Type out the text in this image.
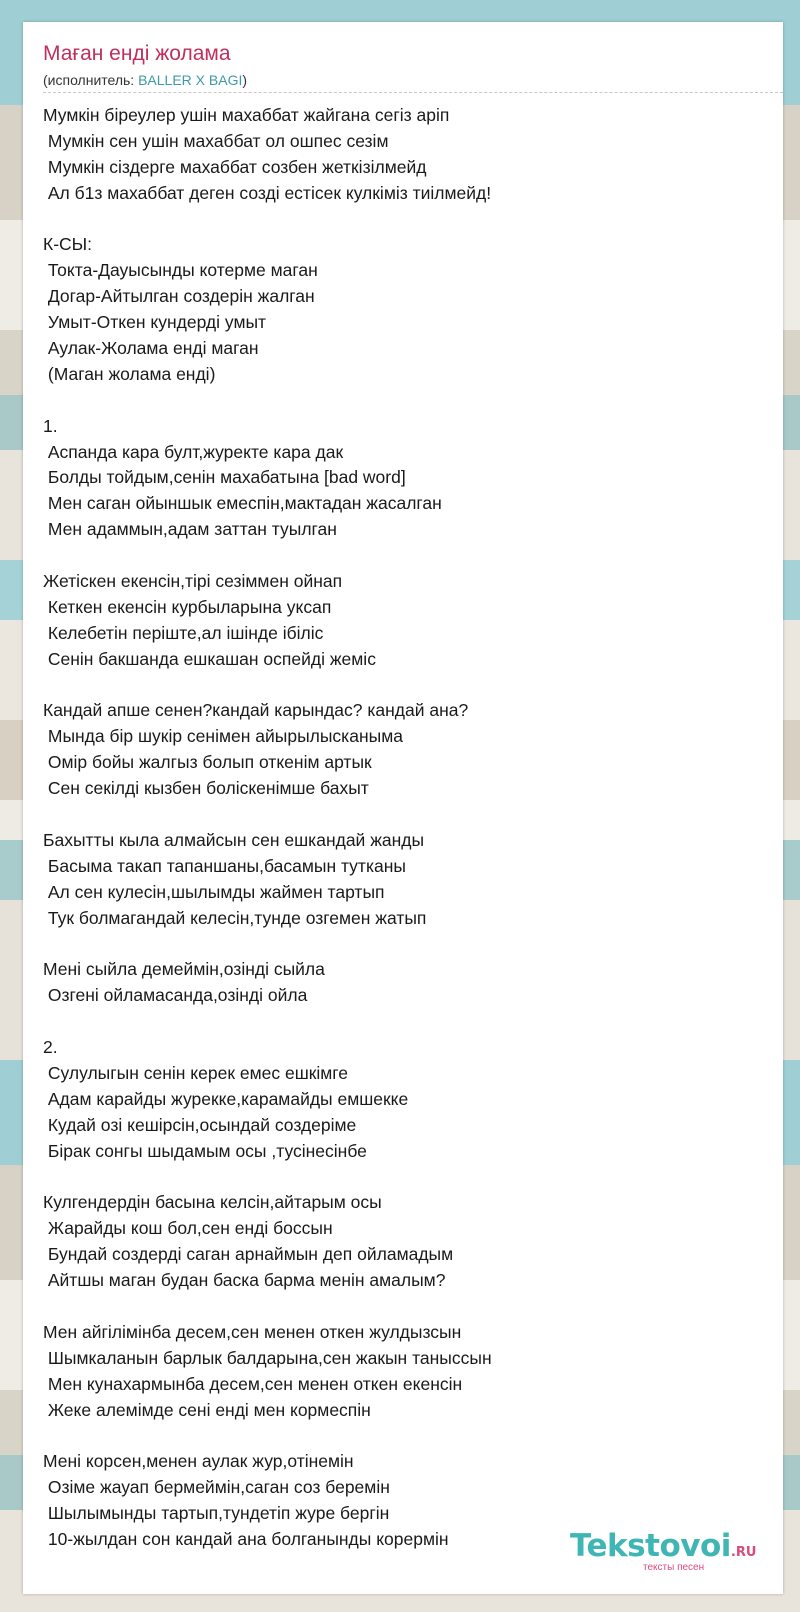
Маған енді жолама
(исполнитель: BALLER X BAGI)
Мумкін біреулер ушін махаббат жайгана сегіз аріп
Мумкін сен ушін махаббат ол ошпес сезім
Мумкін сіздерге махаббат созбен жеткізілмейд
Ал б1з махаббат деген созді естісек кулкіміз тиілмейд!
К-СЫ:
Токта-Дауысынды котерме маган
Догар-Айтылган создерін жалган
Умыт-Откен кундерді умыт
Аулак-Жолама енді маган
(Маган жолама енді)
1.
Аспанда кара булт,журекте кара дак
Болды тойдым,сенін махабатына [bad word]
Мен саган ойыншык емеспін,мактадан жасалган
Мен адаммын,адам заттан туылган
Жетіскен екенсін,тірі сезіммен ойнап
Кеткен екенсін курбыларына уксап
Келебетін періште,ал ішінде ібіліс
Сенін бакшанда ешкашан оспейді жеміс
Кандай апше сенен?кандай карындас? кандай ана?
Мында бір шукір сенімен айырылысканыма
Омір бойы жалгыз болып откенім артык
Сен секілді кызбен болiскенімше бахыт
Бахытты кыла алмайсын сен ешкандай жанды
Басыма такап тапаншаны,басамын тутканы
Ал сен кулесін,шылымды жаймен тартып
Тук болмагандай келесін,тунде озгемен жатып
Мені сыйла демеймін,озінді сыйла
Озгені ойламасанда,озінді ойла
2.
Сулулыгын сенін керек емес ешкімге
Адам карайды журекке,карамайды емшекке
Кудай озі кешірсін,осындай создеріме
Бірак сонгы шыдамым осы ,тусінесінбе
Кулгендердін басына келсін,айтарым осы
Жарайды кош бол,сен енді боссын
Бундай создерді саган арнаймын деп ойламадым
Айтшы маган будан баска барма менін амалым?
Мен айгілімінба десем,сен менен откен жулдызсын
Шымкаланын барлык балдарына,сен жакын таныссын
Мен кунахармынба десем,сен менен откен екенсін
Жеке алемімде сені енді мен кормеспін
Мені корсен,менен аулак жур,отінемін
Озіме жауап бермеймін,саган соз беремін
Шылымынды тартып,тундетіп журе бергін
10-жылдан сон кандай ана болганынды корермін	Tekstovoi.RU
тексты песен
